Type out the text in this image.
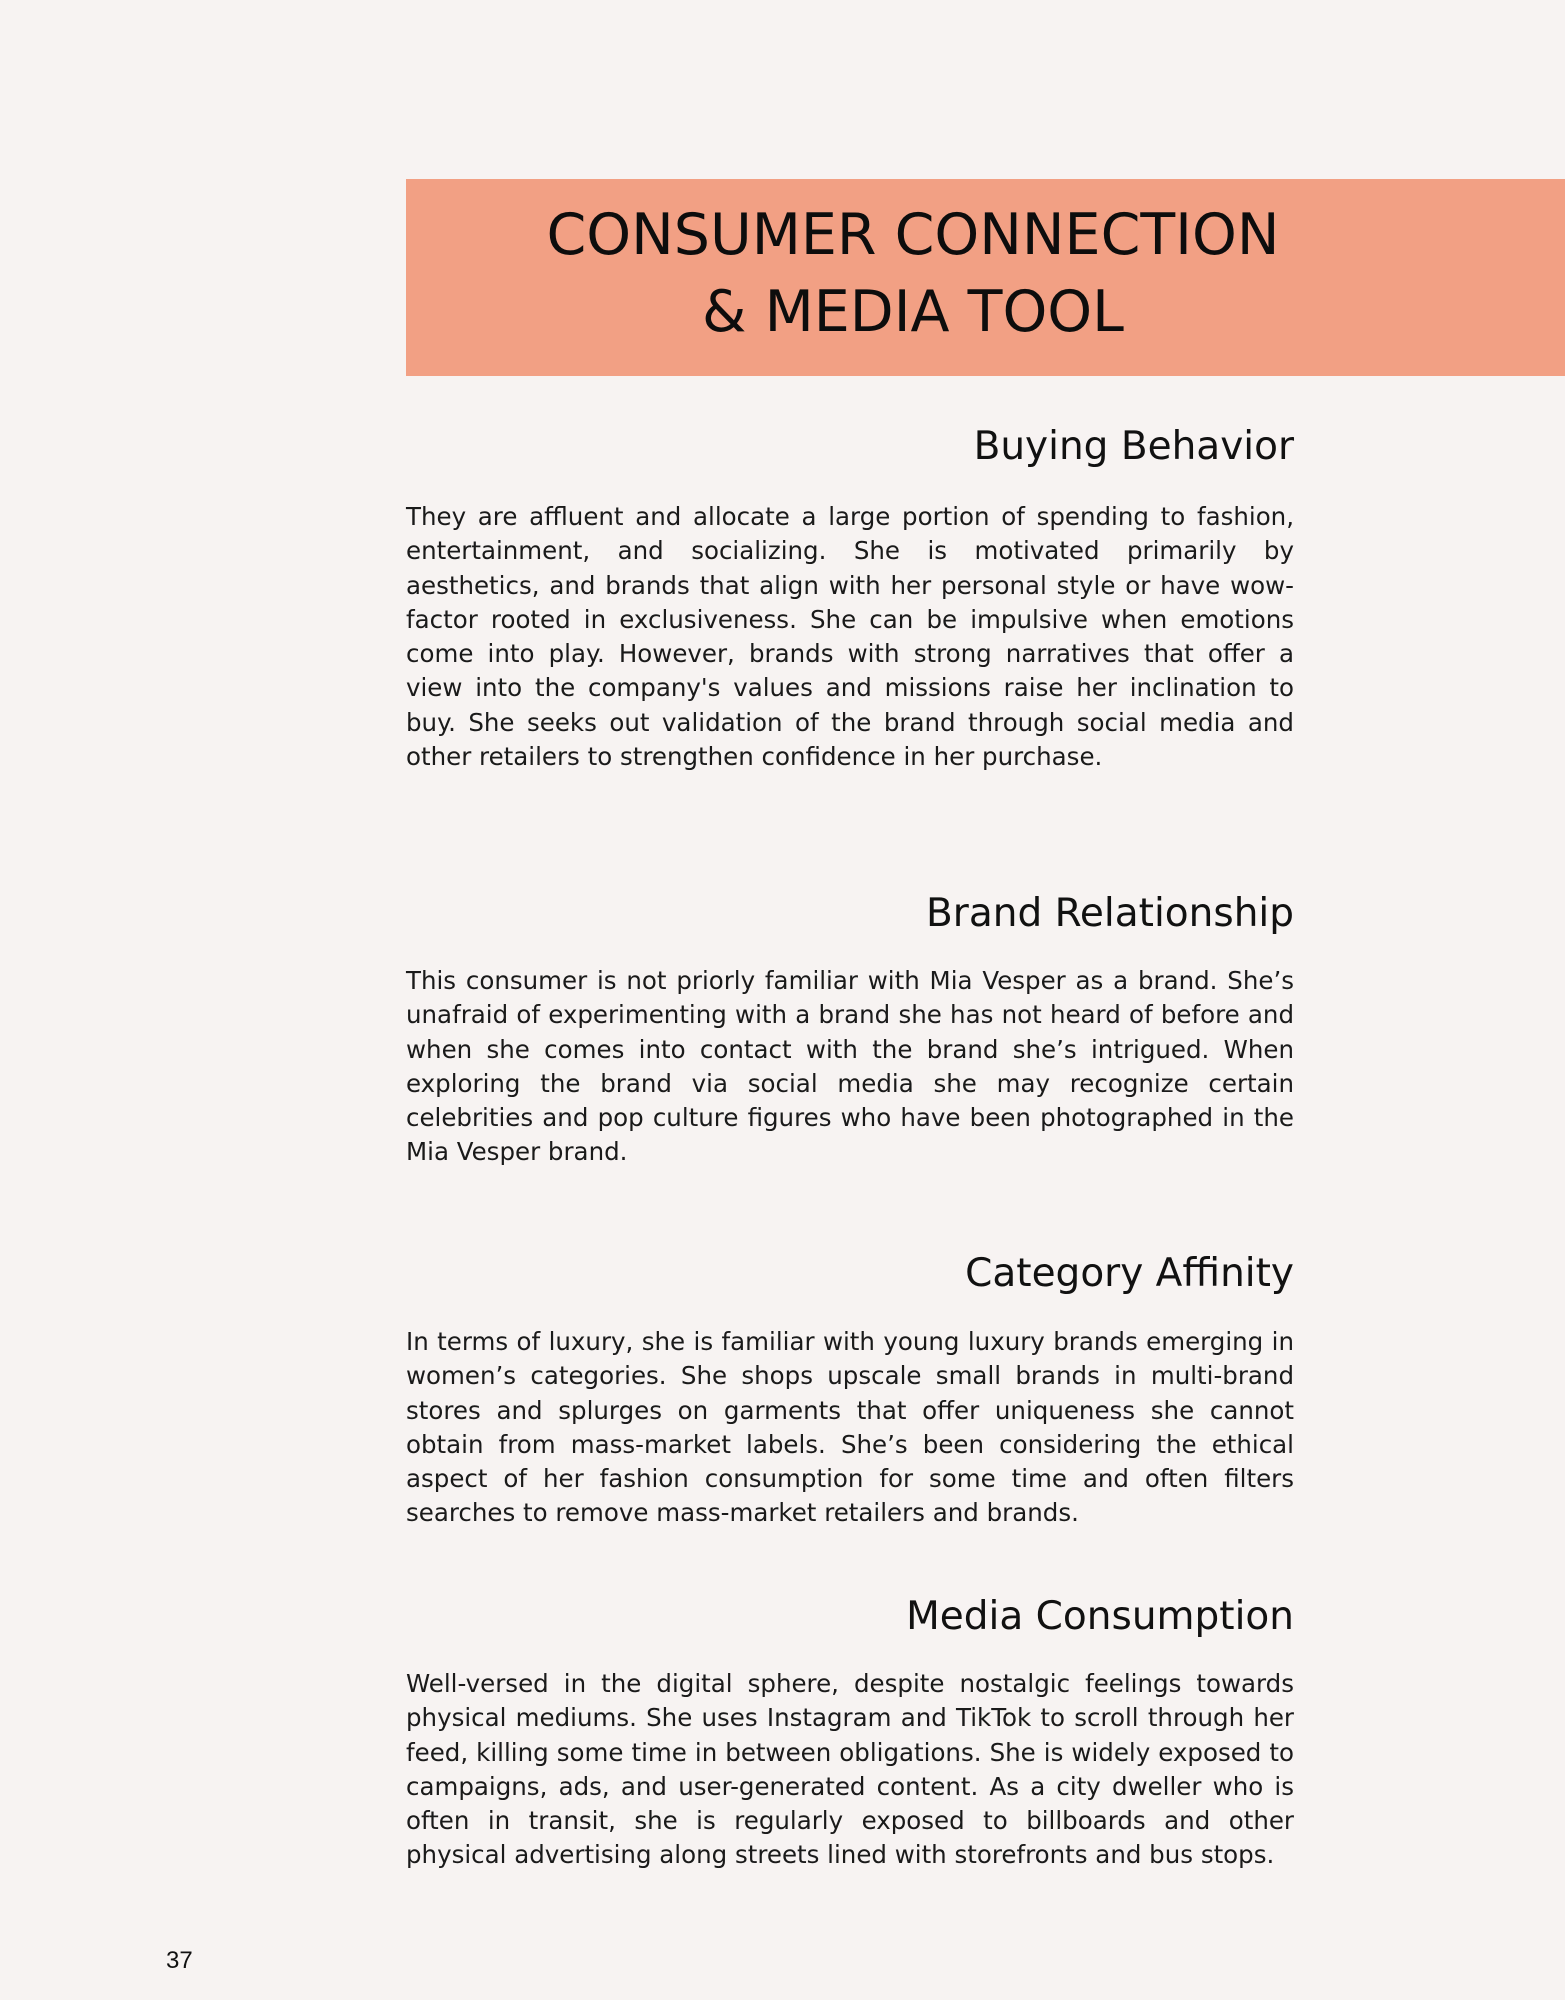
CONSUMER CONNECTION
& MEDIA TOOL
Buying Behavior

They are affluent and allocate a large portion of spending to fashion, entertainment, and socializing. She is motivated primarily by aesthetics, and brands that align with her personal style or have wow-factor rooted in exclusiveness. She can be impulsive when emotions come into play. However, brands with strong narratives that offer a view into the company's values and missions raise her inclination to buy. She seeks out validation of the brand through social media and other retailers to strengthen confidence in her purchase.

Brand Relationship

This consumer is not priorly familiar with Mia Vesper as a brand. She’s unafraid of experimenting with a brand she has not heard of before and when she comes into contact with the brand she’s intrigued. When exploring the brand via social media she may recognize certain celebrities and pop culture figures who have been photographed in the Mia Vesper brand.

Category Affinity

In terms of luxury, she is familiar with young luxury brands emerging in women’s categories. She shops upscale small brands in multi-brand stores and splurges on garments that offer uniqueness she cannot obtain from mass-market labels. She’s been considering the ethical aspect of her fashion consumption for some time and often filters searches to remove mass-market retailers and brands.

Media Consumption

Well-versed in the digital sphere, despite nostalgic feelings towards physical mediums. She uses Instagram and TikTok to scroll through her feed, killing some time in between obligations. She is widely exposed to campaigns, ads, and user-generated content. As a city dweller who is often in transit, she is regularly exposed to billboards and other physical advertising along streets lined with storefronts and bus stops.

37
